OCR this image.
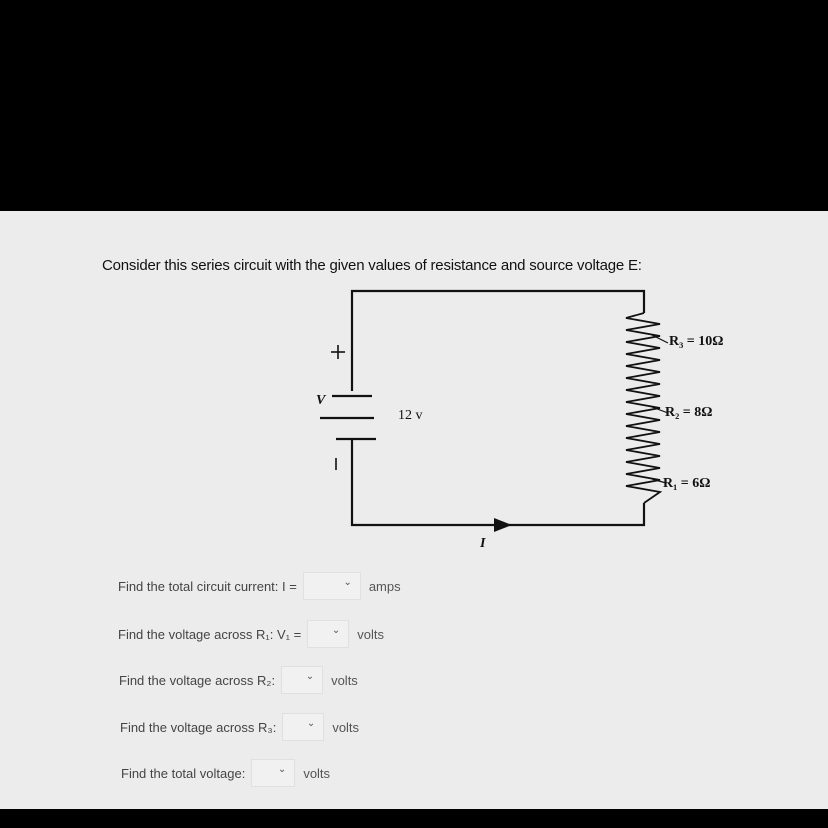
Consider this series circuit with the given values of resistance and source voltage E:
V
12 v
R₃ = 10Ω
R₂ = 8Ω
R₁ = 6Ω
I
Find the total circuit current: I =	⌄ amps
Find the voltage across R₁: V₁ =	⌄ volts
Find the voltage across R₂:	⌄ volts
Find the voltage across R₃:	⌄ volts
Find the total voltage:	⌄ volts
